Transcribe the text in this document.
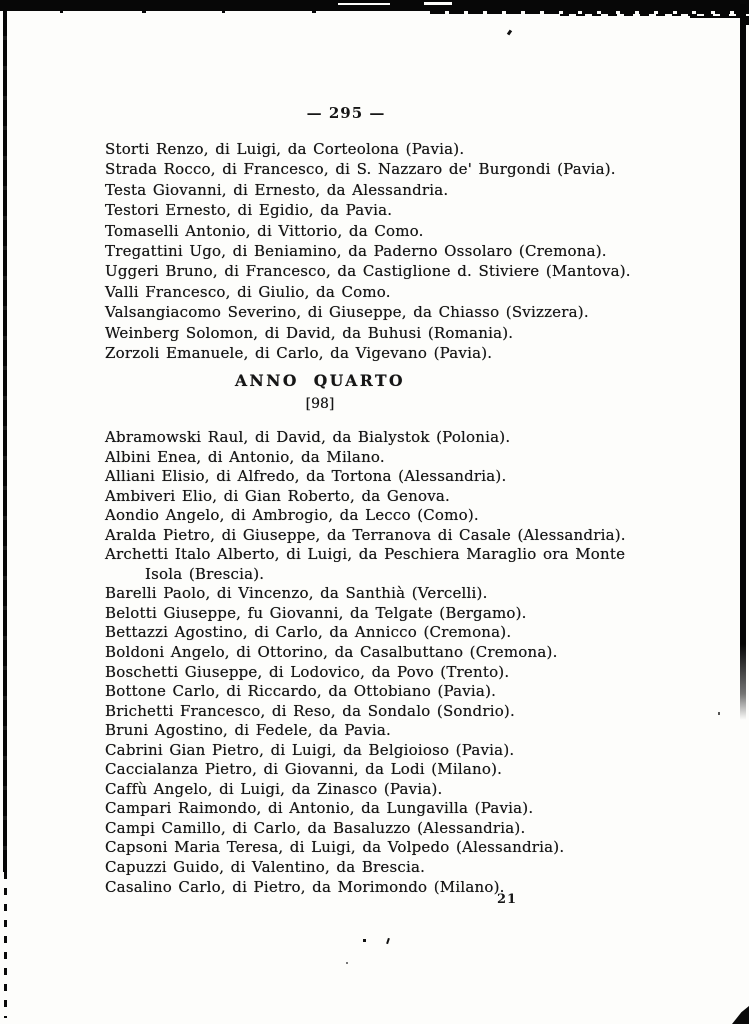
— 295 —

Storti Renzo, di Luigi, da Corteolona (Pavia).

Strada Rocco, di Francesco, di S. Nazzaro de' Burgondi (Pavia).

Testa Giovanni, di Ernesto, da Alessandria.

Testori Ernesto, di Egidio, da Pavia.

Tomaselli Antonio, di Vittorio, da Como.

Tregattini Ugo, di Beniamino, da Paderno Ossolaro (Cremona).

Uggeri Bruno, di Francesco, da Castiglione d. Stiviere (Mantova).

Valli Francesco, di Giulio, da Como.

Valsangiacomo Severino, di Giuseppe, da Chiasso (Svizzera).

Weinberg Solomon, di David, da Buhusi (Romania).

Zorzoli Emanuele, di Carlo, da Vigevano (Pavia).

ANNO QUARTO
[98]

Abramowski Raul, di David, da Bialystok (Polonia).

Albini Enea, di Antonio, da Milano.

Alliani Elisio, di Alfredo, da Tortona (Alessandria).

Ambiveri Elio, di Gian Roberto, da Genova.

Aondio Angelo, di Ambrogio, da Lecco (Como).

Aralda Pietro, di Giuseppe, da Terranova di Casale (Alessandria).

Archetti Italo Alberto, di Luigi, da Peschiera Maraglio ora Monte

Isola (Brescia).

Barelli Paolo, di Vincenzo, da Santhià (Vercelli).

Belotti Giuseppe, fu Giovanni, da Telgate (Bergamo).

Bettazzi Agostino, di Carlo, da Annicco (Cremona).

Boldoni Angelo, di Ottorino, da Casalbuttano (Cremona).

Boschetti Giuseppe, di Lodovico, da Povo (Trento).

Bottone Carlo, di Riccardo, da Ottobiano (Pavia).

Brichetti Francesco, di Reso, da Sondalo (Sondrio).

Bruni Agostino, di Fedele, da Pavia.

Cabrini Gian Pietro, di Luigi, da Belgioioso (Pavia).

Caccialanza Pietro, di Giovanni, da Lodi (Milano).

Caffù Angelo, di Luigi, da Zinasco (Pavia).

Campari Raimondo, di Antonio, da Lungavilla (Pavia).

Campi Camillo, di Carlo, da Basaluzzo (Alessandria).

Capsoni Maria Teresa, di Luigi, da Volpedo (Alessandria).

Capuzzi Guido, di Valentino, da Brescia.

Casalino Carlo, di Pietro, da Morimondo (Milano).

21
